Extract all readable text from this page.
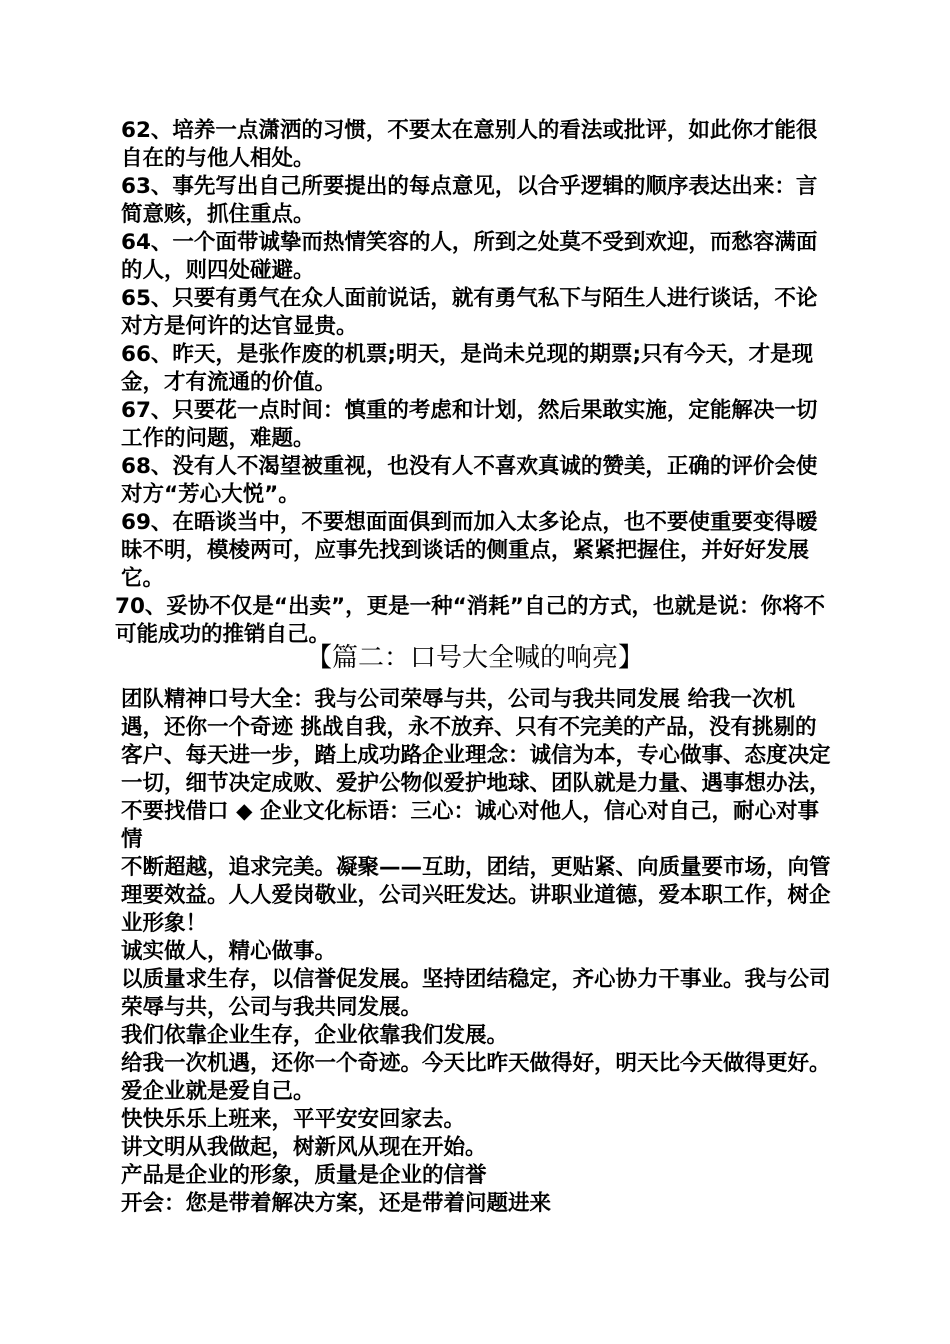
62、培养一点潇洒的习惯，不要太在意别人的看法或批评，如此你才能很自在的与他人相处。

63、事先写出自己所要提出的每点意见，以合乎逻辑的顺序表达出来：言简意赅，抓住重点。

64、一个面带诚挚而热情笑容的人，所到之处莫不受到欢迎，而愁容满面的人，则四处碰避。

65、只要有勇气在众人面前说话，就有勇气私下与陌生人进行谈话，不论对方是何许的达官显贵。

66、昨天，是张作废的机票;明天，是尚未兑现的期票;只有今天，才是现金，才有流通的价值。

67、只要花一点时间：慎重的考虑和计划，然后果敢实施，定能解决一切工作的问题，难题。

68、没有人不渴望被重视，也没有人不喜欢真诚的赞美，正确的评价会使对方“芳心大悦”。

69、在晤谈当中，不要想面面俱到而加入太多论点，也不要使重要变得暧昧不明，模棱两可，应事先找到谈话的侧重点，紧紧把握住，并好好发展它。

70、妥协不仅是“出卖”，更是一种“消耗”自己的方式，也就是说：你将不可能成功的推销自己。

【篇二：口号大全喊的响亮】

团队精神口号大全：我与公司荣辱与共，公司与我共同发展 给我一次机遇，还你一个奇迹 挑战自我，永不放弃、只有不完美的产品，没有挑剔的客户、每天进一步，踏上成功路企业理念：诚信为本，专心做事、态度决定一切，细节决定成败、爱护公物似爱护地球、团队就是力量、遇事想办法，不要找借口 ◆ 企业文化标语：三心：诚心对他人，信心对自己，耐心对事情

不断超越，追求完美。凝聚——互助，团结，更贴紧、向质量要市场，向管理要效益。人人爱岗敬业，公司兴旺发达。讲职业道德，爱本职工作，树企业形象！

诚实做人，精心做事。

以质量求生存，以信誉促发展。坚持团结稳定，齐心协力干事业。我与公司荣辱与共，公司与我共同发展。

我们依靠企业生存，企业依靠我们发展。

给我一次机遇，还你一个奇迹。今天比昨天做得好，明天比今天做得更好。爱企业就是爱自己。

快快乐乐上班来，平平安安回家去。

讲文明从我做起，树新风从现在开始。

产品是企业的形象，质量是企业的信誉

开会：您是带着解决方案，还是带着问题进来
